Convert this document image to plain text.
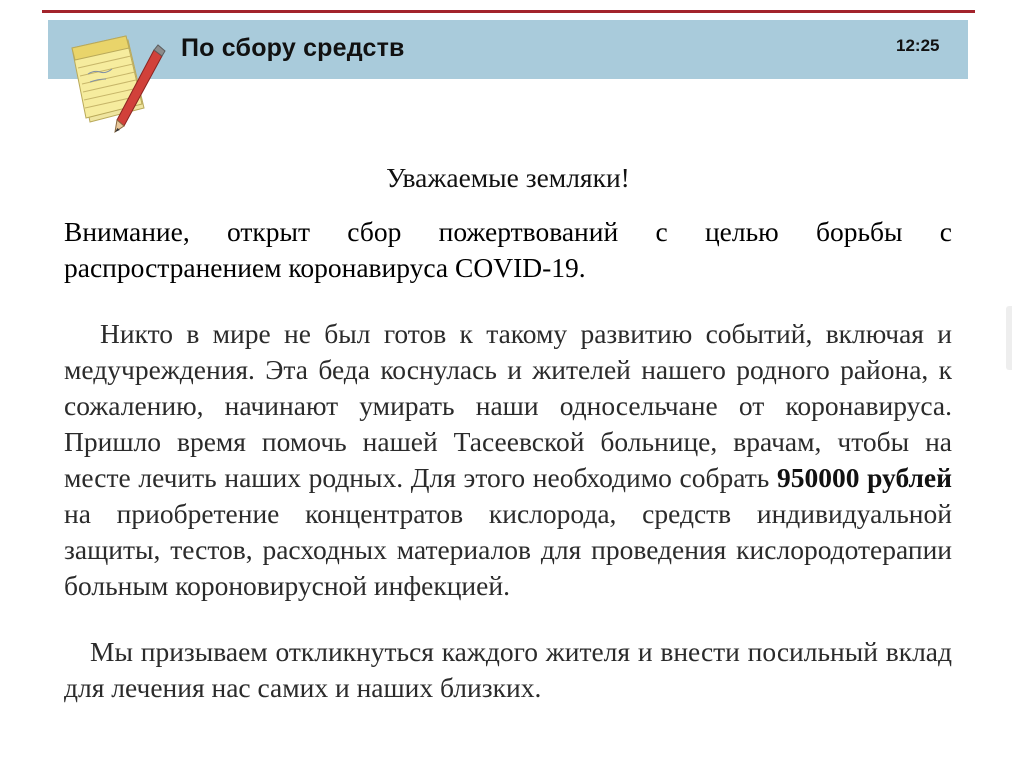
По сбору средств	12:25

Уважаемые земляки!

Внимание, открыт сбор пожертвований с целью борьбы с распространением коронавируса COVID-19.

Никто в мире не был готов к такому развитию событий, включая и медучреждения. Эта беда коснулась и жителей нашего родного района, к сожалению, начинают умирать наши односельчане от коронавируса. Пришло время помочь нашей Тасеевской больнице, врачам, чтобы на месте лечить наших родных. Для этого необходимо собрать 950000 рублей на приобретение концентратов кислорода, средств индивидуальной защиты, тестов, расходных материалов для проведения кислородотерапии больным короновирусной инфекцией.

Мы призываем откликнуться каждого жителя и внести посильный вклад для лечения нас самих и наших близких.
